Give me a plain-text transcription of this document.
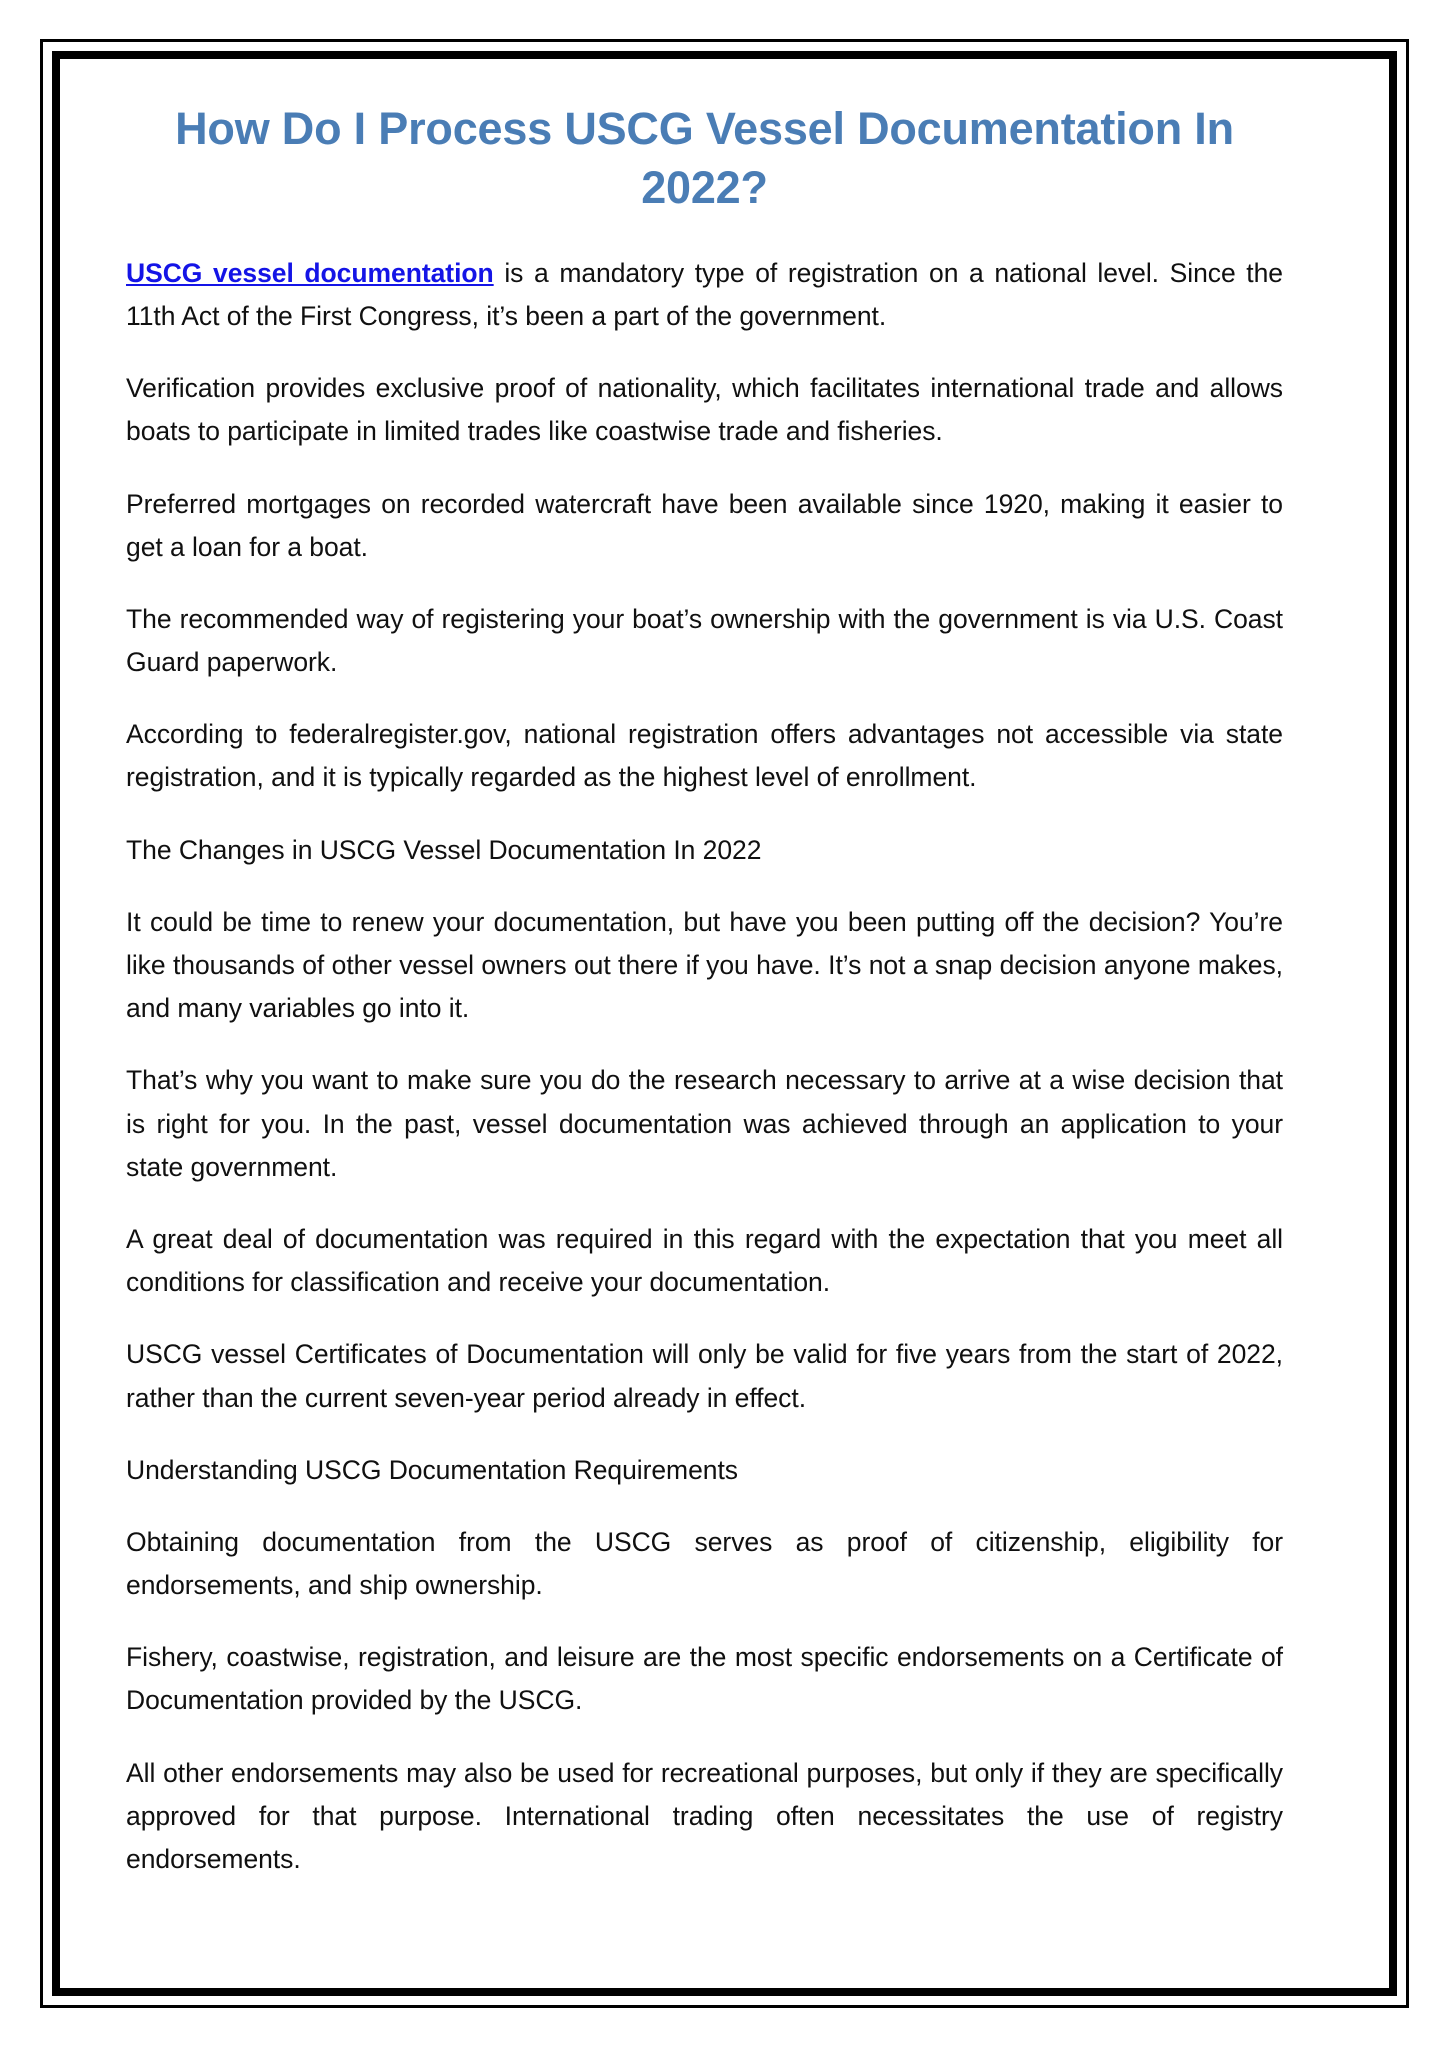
How Do I Process USCG Vessel Documentation In 2022?

USCG vessel documentation is a mandatory type of registration on a national level. Since the 11th Act of the First Congress, it’s been a part of the government.

Verification provides exclusive proof of nationality, which facilitates international trade and allows boats to participate in limited trades like coastwise trade and fisheries.

Preferred mortgages on recorded watercraft have been available since 1920, making it easier to get a loan for a boat.

The recommended way of registering your boat’s ownership with the government is via U.S. Coast Guard paperwork.

According to federalregister.gov, national registration offers advantages not accessible via state registration, and it is typically regarded as the highest level of enrollment.

The Changes in USCG Vessel Documentation In 2022

It could be time to renew your documentation, but have you been putting off the decision? You’re like thousands of other vessel owners out there if you have. It’s not a snap decision anyone makes, and many variables go into it.

That’s why you want to make sure you do the research necessary to arrive at a wise decision that is right for you. In the past, vessel documentation was achieved through an application to your state government.

A great deal of documentation was required in this regard with the expectation that you meet all conditions for classification and receive your documentation.

USCG vessel Certificates of Documentation will only be valid for five years from the start of 2022, rather than the current seven-year period already in effect.

Understanding USCG Documentation Requirements

Obtaining documentation from the USCG serves as proof of citizenship, eligibility for endorsements, and ship ownership.

Fishery, coastwise, registration, and leisure are the most specific endorsements on a Certificate of Documentation provided by the USCG.

All other endorsements may also be used for recreational purposes, but only if they are specifically approved for that purpose. International trading often necessitates the use of registry endorsements.
